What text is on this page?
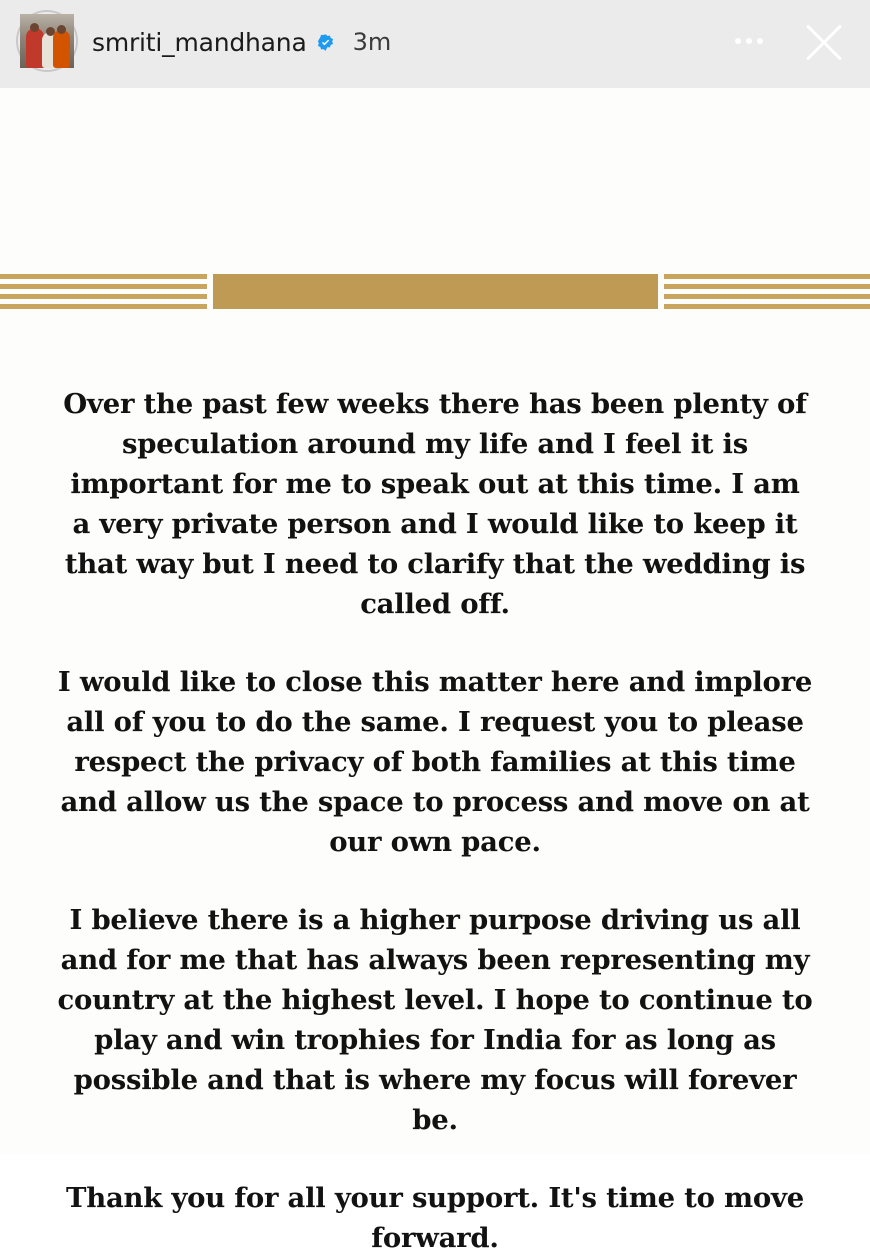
smriti_mandhana 3m

Over the past few weeks there has been plenty of speculation around my life and I feel it is important for me to speak out at this time. I am a very private person and I would like to keep it that way but I need to clarify that the wedding is called off.

I would like to close this matter here and implore all of you to do the same. I request you to please respect the privacy of both families at this time and allow us the space to process and move on at our own pace.

I believe there is a higher purpose driving us all and for me that has always been representing my country at the highest level. I hope to continue to play and win trophies for India for as long as possible and that is where my focus will forever be.

Thank you for all your support. It's time to move forward.
